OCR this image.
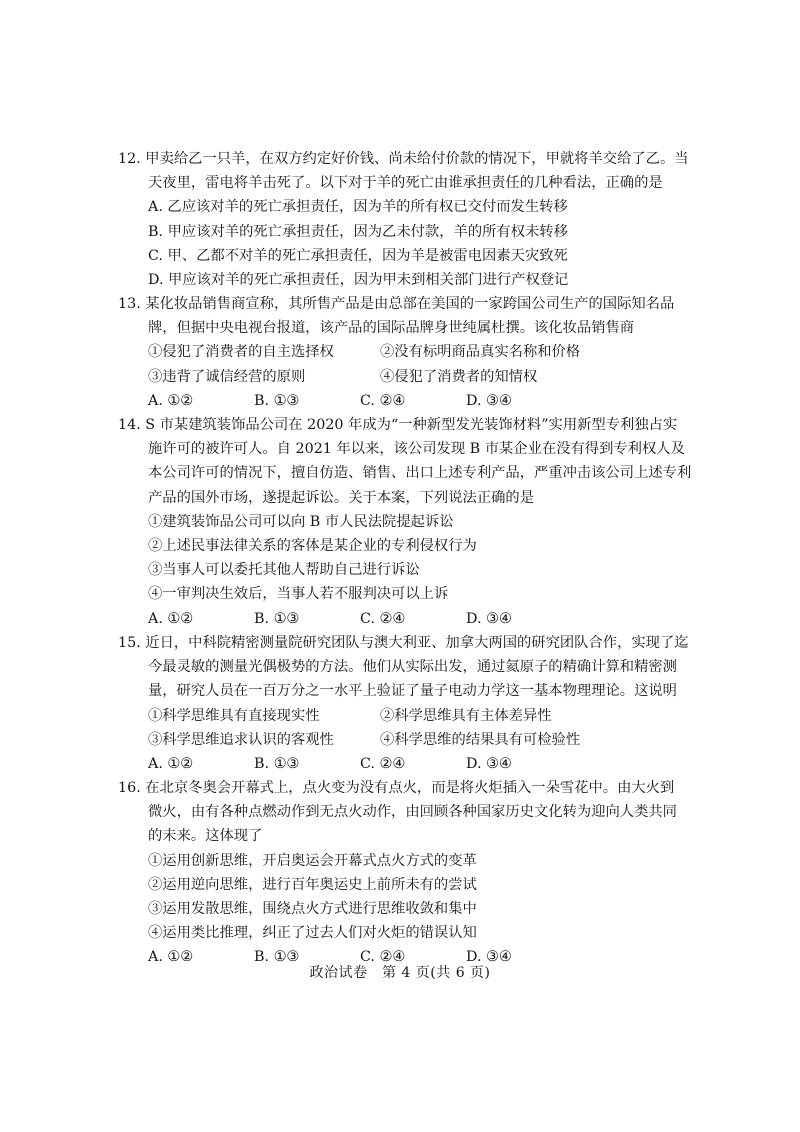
12. 甲卖给乙一只羊，在双方约定好价钱、尚未给付价款的情况下，甲就将羊交给了乙。当
天夜里，雷电将羊击死了。以下对于羊的死亡由谁承担责任的几种看法，正确的是
A. 乙应该对羊的死亡承担责任，因为羊的所有权已交付而发生转移
B. 甲应该对羊的死亡承担责任，因为乙未付款，羊的所有权未转移
C. 甲、乙都不对羊的死亡承担责任，因为羊是被雷电因素天灾致死
D. 甲应该对羊的死亡承担责任，因为甲未到相关部门进行产权登记
13. 某化妆品销售商宣称，其所售产品是由总部在美国的一家跨国公司生产的国际知名品
牌，但据中央电视台报道，该产品的国际品牌身世纯属杜撰。该化妆品销售商
①侵犯了消费者的自主选择权	②没有标明商品真实名称和价格
③违背了诚信经营的原则	④侵犯了消费者的知情权
A. ①②	B. ①③	C. ②④	D. ③④
14. S 市某建筑装饰品公司在 2020 年成为“一种新型发光装饰材料”实用新型专利独占实
施许可的被许可人。自 2021 年以来，该公司发现 B 市某企业在没有得到专利权人及
本公司许可的情况下，擅自仿造、销售、出口上述专利产品，严重冲击该公司上述专利
产品的国外市场，遂提起诉讼。关于本案，下列说法正确的是
①建筑装饰品公司可以向 B 市人民法院提起诉讼
②上述民事法律关系的客体是某企业的专利侵权行为
③当事人可以委托其他人帮助自己进行诉讼
④一审判决生效后，当事人若不服判决可以上诉
A. ①②	B. ①③	C. ②④	D. ③④
15. 近日，中科院精密测量院研究团队与澳大利亚、加拿大两国的研究团队合作，实现了迄
今最灵敏的测量光偶极势的方法。他们从实际出发，通过氦原子的精确计算和精密测
量，研究人员在一百万分之一水平上验证了量子电动力学这一基本物理理论。这说明
①科学思维具有直接现实性	②科学思维具有主体差异性
③科学思维追求认识的客观性	④科学思维的结果具有可检验性
A. ①②	B. ①③	C. ②④	D. ③④
16. 在北京冬奥会开幕式上，点火变为没有点火，而是将火炬插入一朵雪花中。由大火到
微火，由有各种点燃动作到无点火动作，由回顾各种国家历史文化转为迎向人类共同
的未来。这体现了
①运用创新思维，开启奥运会开幕式点火方式的变革
②运用逆向思维，进行百年奥运史上前所未有的尝试
③运用发散思维，围绕点火方式进行思维收敛和集中
④运用类比推理，纠正了过去人们对火炬的错误认知
A. ①②	B. ①③	C. ②④	D. ③④
政治试卷　第 4 页(共 6 页)
